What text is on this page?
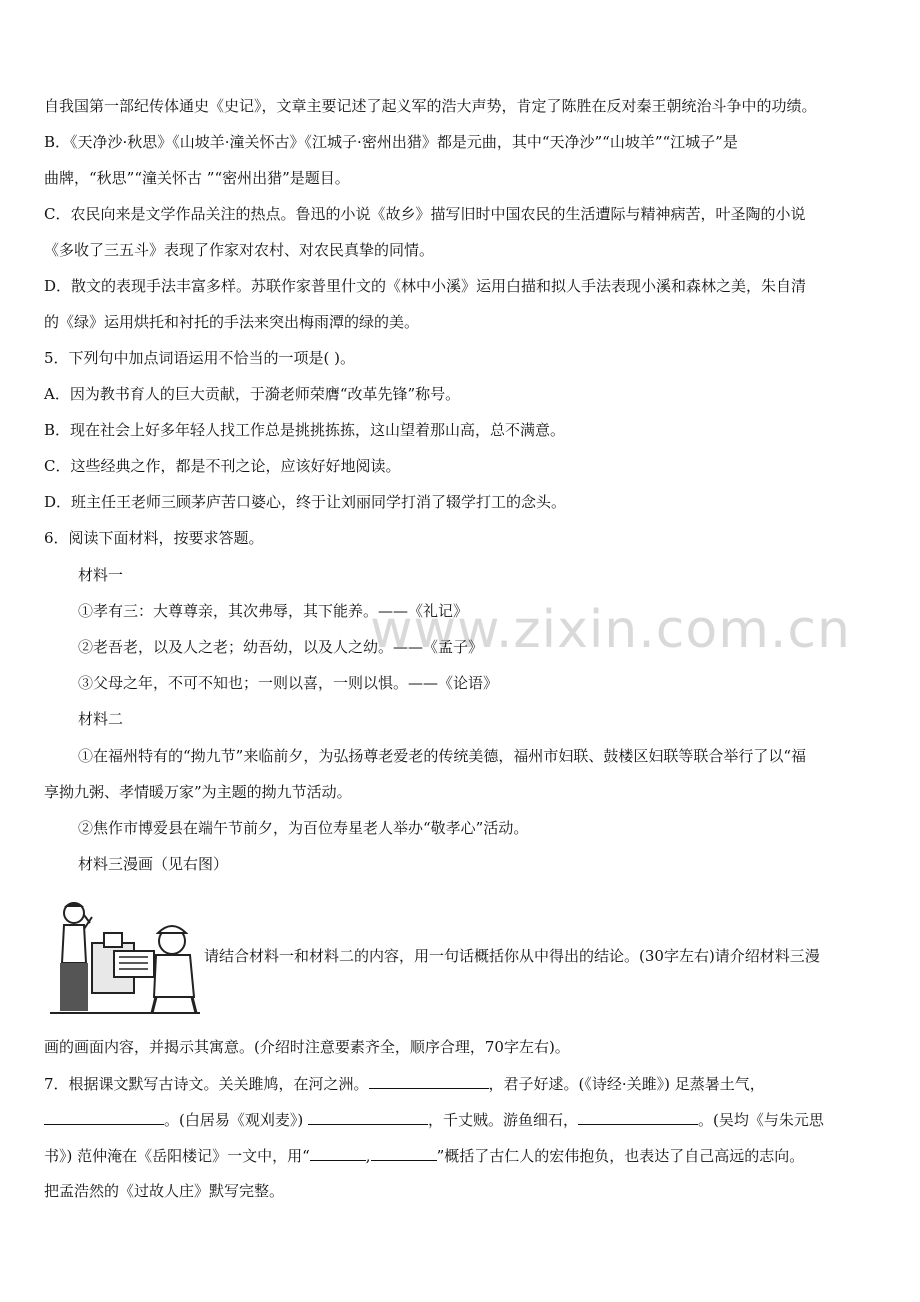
www.zixin.com.cn
自我国第一部纪传体通史《史记》，文章主要记述了起义军的浩大声势，肯定了陈胜在反对秦王朝统治斗争中的功绩。
B．《天净沙·秋思》《山坡羊·潼关怀古》《江城子·密州出猎》都是元曲，其中“天净沙”“山坡羊”“江城子”是
曲牌，“秋思”“潼关怀古 ”“密州出猎”是题目。
C．农民向来是文学作品关注的热点。鲁迅的小说《故乡》描写旧时中国农民的生活遭际与精神病苦，叶圣陶的小说
《多收了三五斗》表现了作家对农村、对农民真挚的同情。
D．散文的表现手法丰富多样。苏联作家普里什文的《林中小溪》运用白描和拟人手法表现小溪和森林之美，朱自清
的《绿》运用烘托和衬托的手法来突出梅雨潭的绿的美。
5．下列句中加点词语运用不恰当的一项是( )。
A．因为教书育人的巨大贡献，于漪老师荣膺“改革先锋”称号。
B．现在社会上好多年轻人找工作总是挑挑拣拣，这山望着那山高，总不满意。
C．这些经典之作，都是不刊之论，应该好好地阅读。
D．班主任王老师三顾茅庐苦口婆心，终于让刘丽同学打消了辍学打工的念头。
6．阅读下面材料，按要求答题。
材料一
①孝有三：大尊尊亲，其次弗辱，其下能养。——《礼记》
②老吾老，以及人之老；幼吾幼，以及人之幼。——《孟子》
③父母之年，不可不知也；一则以喜，一则以惧。——《论语》
材料二
①在福州特有的“拗九节”来临前夕，为弘扬尊老爱老的传统美德，福州市妇联、鼓楼区妇联等联合举行了以“福
享拗九粥、孝情暖万家”为主题的拗九节活动。
②焦作市博爱县在端午节前夕，为百位寿星老人举办“敬孝心”活动。
材料三漫画（见右图）
请结合材料一和材料二的内容，用一句话概括你从中得出的结论。(30字左右)请介绍材料三漫
画的画面内容，并揭示其寓意。(介绍时注意要素齐全，顺序合理，70字左右)。
7．根据课文默写古诗文。关关雎鸠，在河之洲。	，君子好逑。(《诗经·关雎》) 足蒸暑土气，
。(白居易《观刈麦》)	，千丈贼。游鱼细石，	。(吴均《与朱元思
书》) 范仲淹在《岳阳楼记》一文中，用“	,	”概括了古仁人的宏伟抱负，也表达了自己高远的志向。
把孟浩然的《过故人庄》默写完整。
